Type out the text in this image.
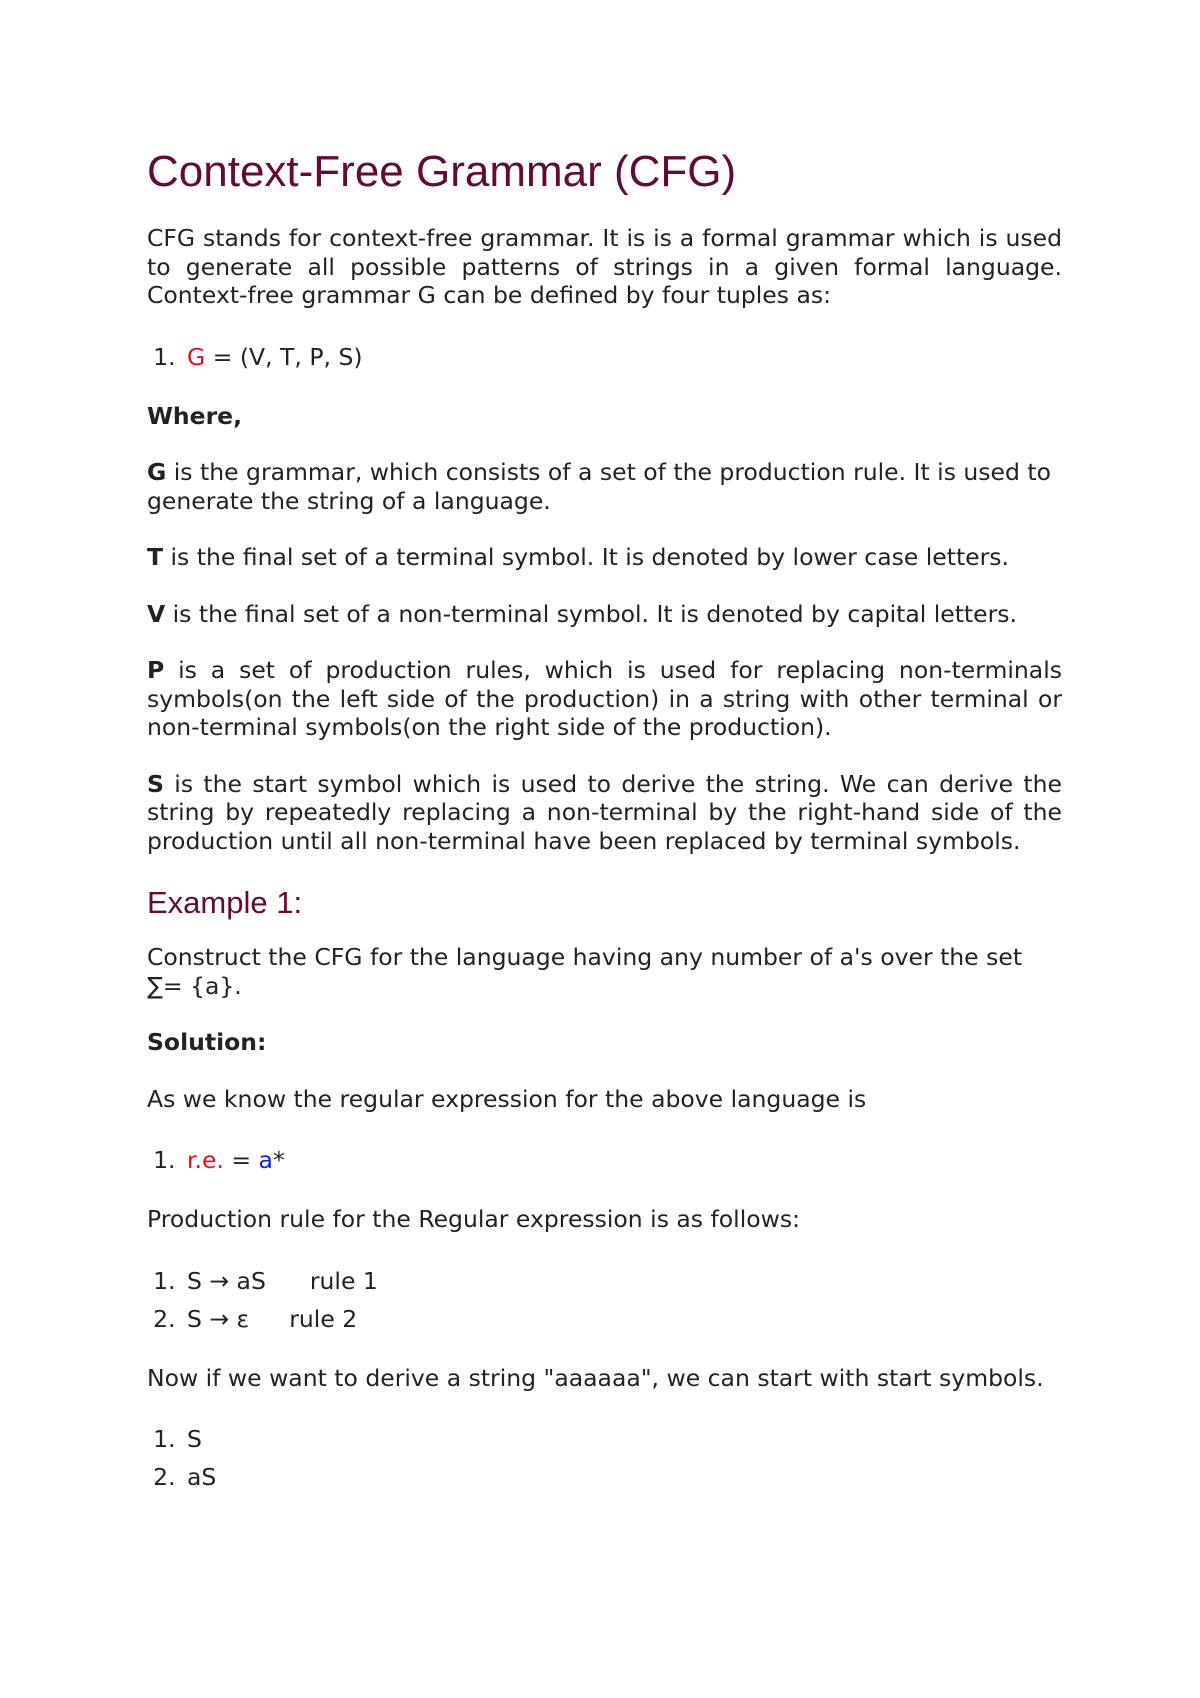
Context-Free Grammar (CFG)

CFG stands for context-free grammar. It is is a formal grammar which is used to generate all possible patterns of strings in a given formal language. Context-free grammar G can be defined by four tuples as:

1. G = (V, T, P, S)

Where,

G is the grammar, which consists of a set of the production rule. It is used to generate the string of a language.

T is the final set of a terminal symbol. It is denoted by lower case letters.

V is the final set of a non-terminal symbol. It is denoted by capital letters.

P is a set of production rules, which is used for replacing non-terminals symbols(on the left side of the production) in a string with other terminal or non-terminal symbols(on the right side of the production).

S is the start symbol which is used to derive the string. We can derive the string by repeatedly replacing a non-terminal by the right-hand side of the production until all non-terminal have been replaced by terminal symbols.

Example 1:

Construct the CFG for the language having any number of a's over the set ∑= {a}.

Solution:

As we know the regular expression for the above language is

1. r.e. = a*

Production rule for the Regular expression is as follows:

1. S → aS rule 1
2. S → ε rule 2

Now if we want to derive a string "aaaaaa", we can start with start symbols.

1. S
2. aS
